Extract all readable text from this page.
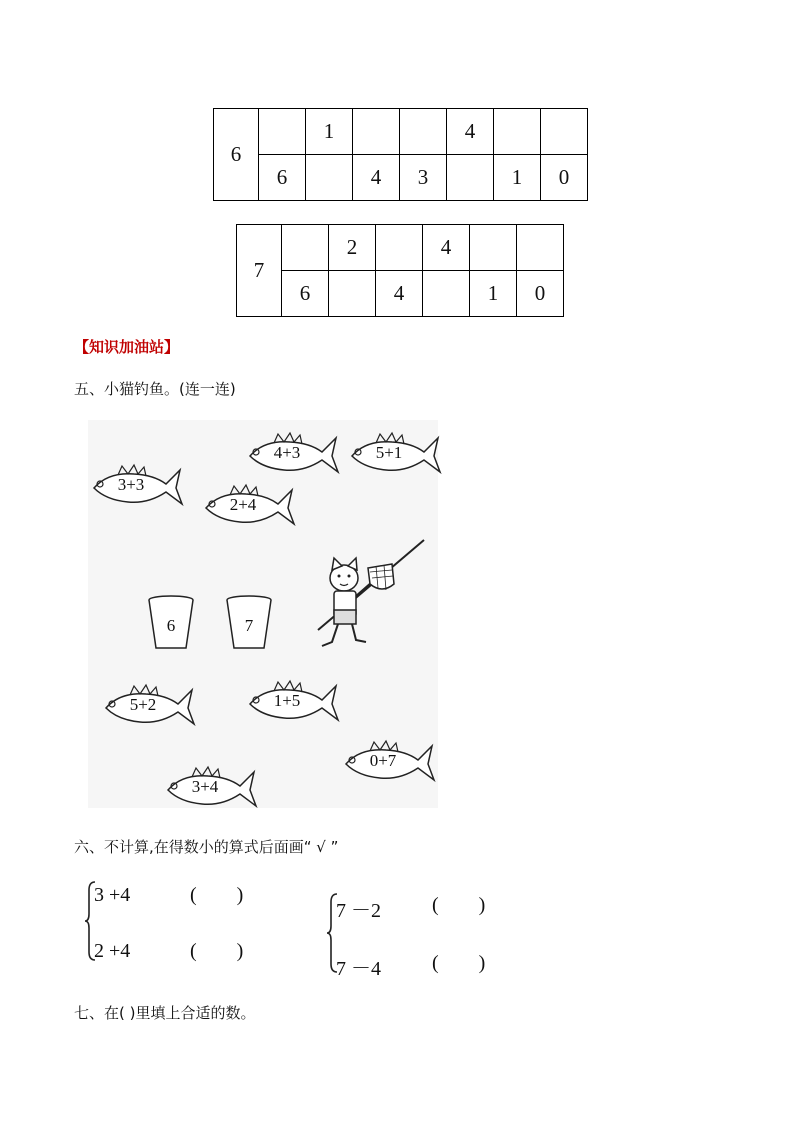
6		1			4		
	6		4	3		1	0
7		2		4		
	6		4		1	0
【知识加油站】
五、小猫钓鱼。(连一连)
4+3	5+1
3+3
2+4
6	7
5+2	1+5
0+7
3+4
六、不计算,在得数小的算式后面画“ √ ”
3 +4
2 +4
(        )
(        )
7 －2
7 －4
(        )
(        )
七、在( )里填上合适的数。
